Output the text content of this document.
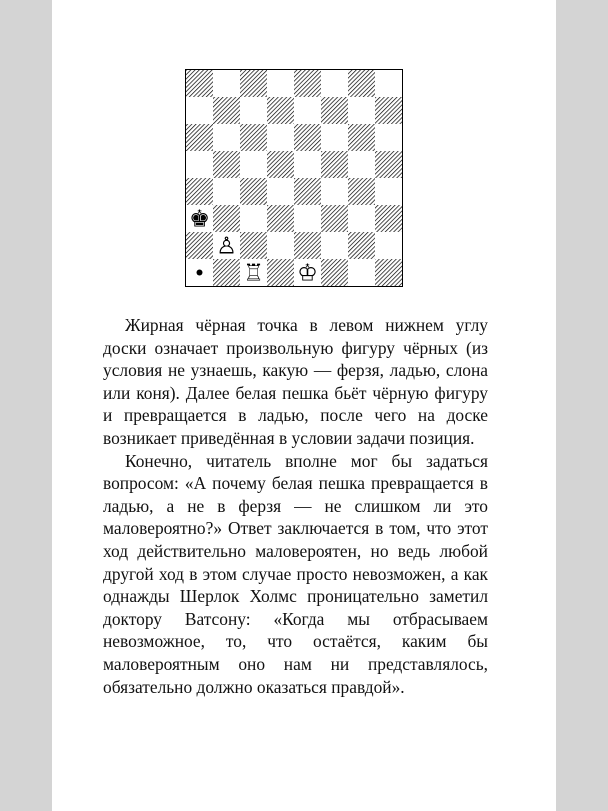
♚
♙
♖ ♔

Жирная чёрная точка в левом нижнем углу доски означает произвольную фигуру чёрных (из условия не узнаешь, какую — ферзя, ладью, слона или коня). Далее белая пешка бьёт чёрную фигуру и превращается в ладью, после чего на доске возникает приведённая в условии задачи позиция.

Конечно, читатель вполне мог бы задаться вопросом: «А почему белая пешка превращается в ладью, а не в ферзя — не слишком ли это маловероятно?» Ответ заключается в том, что этот ход действительно маловероятен, но ведь любой другой ход в этом случае просто невозможен, а как однажды Шерлок Холмс проницательно заметил доктору Ватсону: «Когда мы отбрасываем невозможное, то, что остаётся, каким бы маловероятным оно нам ни представлялось, обязательно должно оказаться правдой».
